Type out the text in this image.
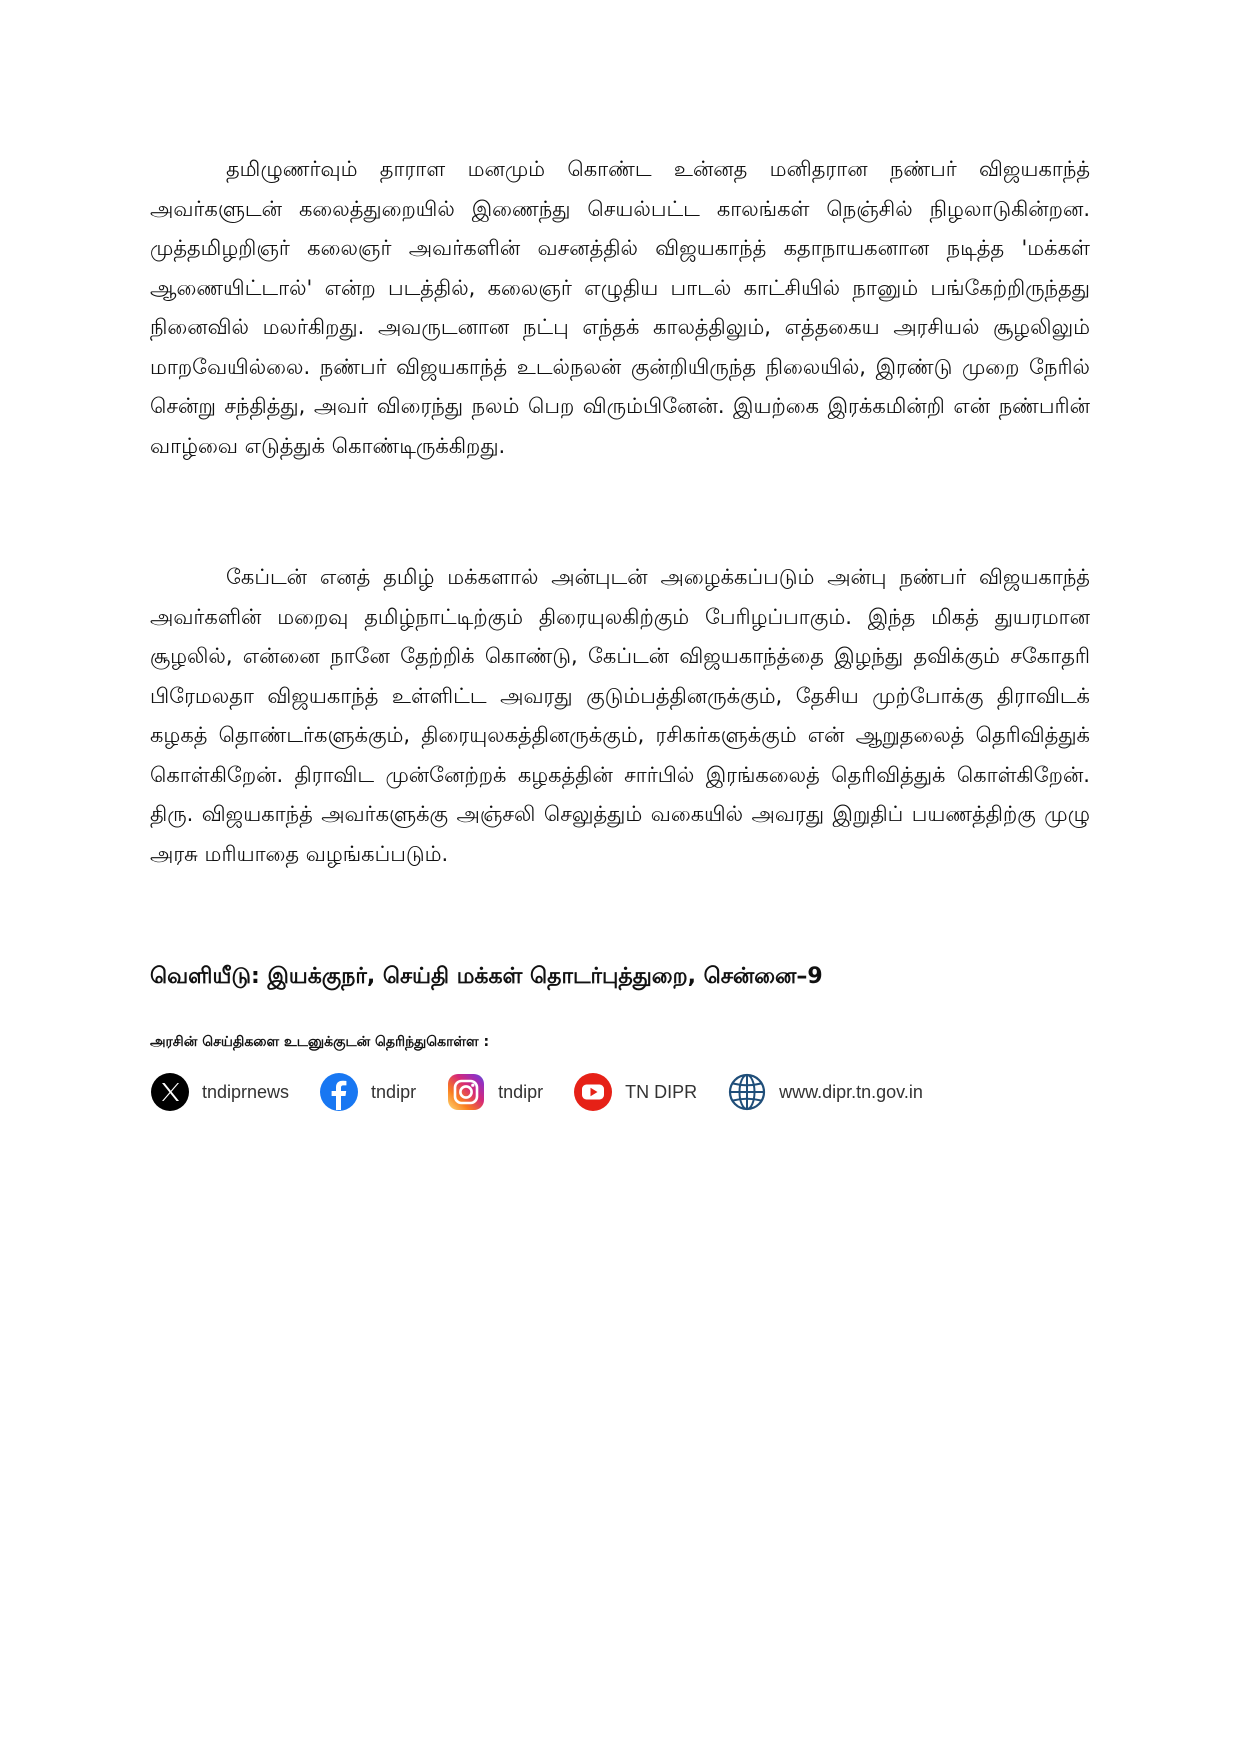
தமிழுணர்வும் தாராள மனமும் கொண்ட உன்னத மனிதரான நண்பர் விஜயகாந்த் அவர்களுடன் கலைத்துறையில் இணைந்து செயல்பட்ட காலங்கள் நெஞ்சில் நிழலாடுகின்றன. முத்தமிழறிஞர் கலைஞர் அவர்களின் வசனத்தில் விஜயகாந்த் கதாநாயகனான நடித்த 'மக்கள் ஆணையிட்டால்' என்ற படத்தில், கலைஞர் எழுதிய பாடல் காட்சியில் நானும் பங்கேற்றிருந்தது நினைவில் மலர்கிறது. அவருடனான நட்பு எந்தக் காலத்திலும், எத்தகைய அரசியல் சூழலிலும் மாறவேயில்லை. நண்பர் விஜயகாந்த் உடல்நலன் குன்றியிருந்த நிலையில், இரண்டு முறை நேரில் சென்று சந்தித்து, அவர் விரைந்து நலம் பெற விரும்பினேன். இயற்கை இரக்கமின்றி என் நண்பரின் வாழ்வை எடுத்துக் கொண்டிருக்கிறது.

கேப்டன் எனத் தமிழ் மக்களால் அன்புடன் அழைக்கப்படும் அன்பு நண்பர் விஜயகாந்த் அவர்களின் மறைவு தமிழ்நாட்டிற்கும் திரையுலகிற்கும் பேரிழப்பாகும். இந்த மிகத் துயரமான சூழலில், என்னை நானே தேற்றிக் கொண்டு, கேப்டன் விஜயகாந்த்தை இழந்து தவிக்கும் சகோதரி பிரேமலதா விஜயகாந்த் உள்ளிட்ட அவரது குடும்பத்தினருக்கும், தேசிய முற்போக்கு திராவிடக் கழகத் தொண்டர்களுக்கும், திரையுலகத்தினருக்கும், ரசிகர்களுக்கும் என் ஆறுதலைத் தெரிவித்துக் கொள்கிறேன். திராவிட முன்னேற்றக் கழகத்தின் சார்பில் இரங்கலைத் தெரிவித்துக் கொள்கிறேன். திரு. விஜயகாந்த் அவர்களுக்கு அஞ்சலி செலுத்தும் வகையில் அவரது இறுதிப் பயணத்திற்கு முழு அரசு மரியாதை வழங்கப்படும்.

வெளியீடு: இயக்குநர், செய்தி மக்கள் தொடர்புத்துறை, சென்னை–9
அரசின் செய்திகளை உடனுக்குடன் தெரிந்துகொள்ள :
tndiprnews	tndipr	tndipr	TN DIPR	www.dipr.tn.gov.in
